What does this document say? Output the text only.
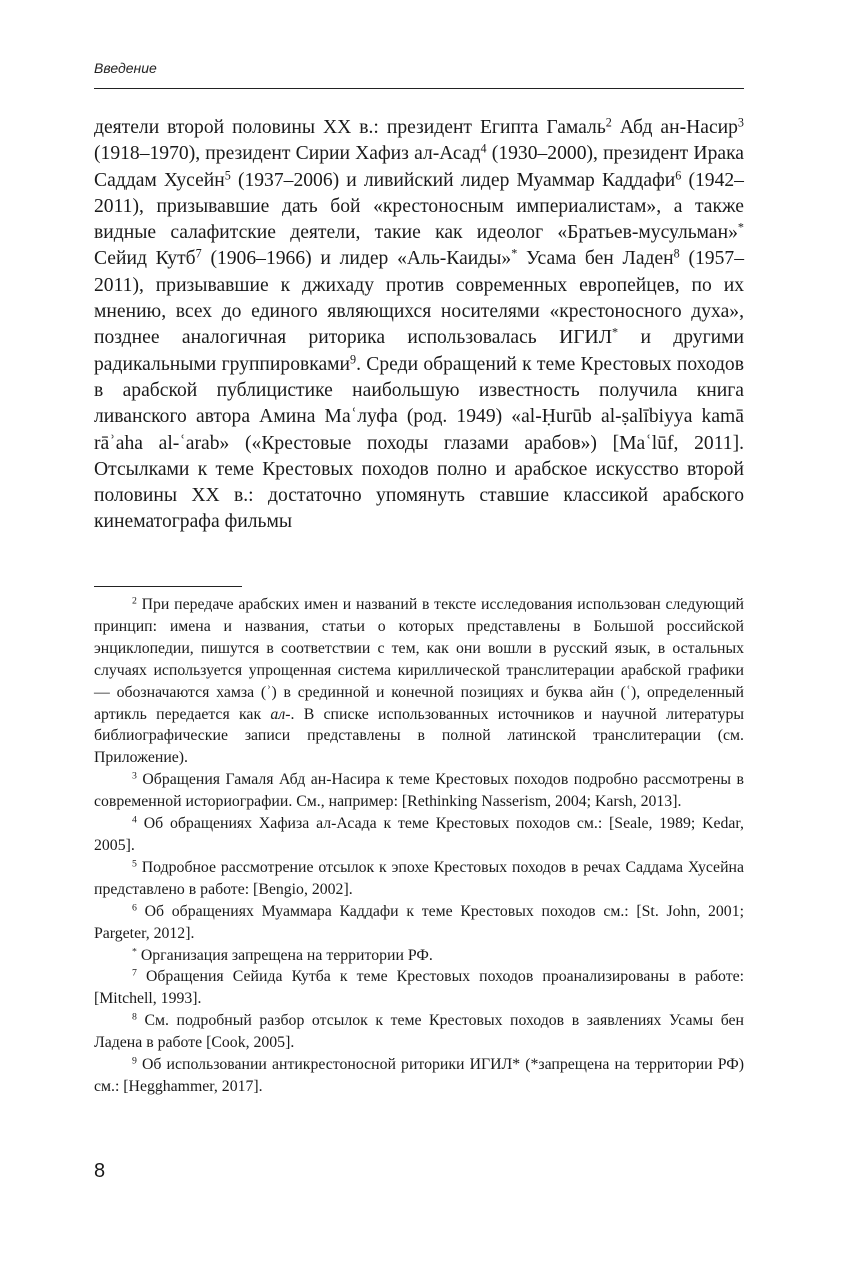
Введение

деятели второй половины XX в.: президент Египта Гамаль$^2$ Абд ан-Насир$^3$ (1918–1970), президент Сирии Хафиз ал-Асад$^4$ (1930–2000), президент Ирака Саддам Хусейн$^5$ (1937–2006) и ливийский лидер Муаммар Каддафи$^6$ (1942–2011), призывавшие дать бой «крестоносным империалистам», а также видные салафитские деятели, такие как идеолог «Братьев-мусульман»* Сейид Кутб$^7$ (1906–1966) и лидер «Аль-Каиды»* Усама бен Ладен$^8$ (1957–2011), призывавшие к джихаду против современных европейцев, по их мнению, всех до единого являющихся носителями «крестоносного духа», позднее аналогичная риторика использовалась ИГИЛ* и другими радикальными группировками$^9$. Среди обращений к теме Крестовых походов в арабской публицистике наибольшую известность получила книга ливанского автора Амина Маʿлуфа (род. 1949) «al-Ḥurūb al-ṣalībiyya kamā rāʾaha al-ʿarab» («Крестовые походы глазами арабов») [Maʿlūf, 2011]. Отсылками к теме Крестовых походов полно и арабское искусство второй половины XX в.: достаточно упомянуть ставшие классикой арабского кинематографа фильмы

$^2$ При передаче арабских имен и названий в тексте исследования использован следующий принцип: имена и названия, статьи о которых представлены в Большой российской энциклопедии, пишутся в соответствии с тем, как они вошли в русский язык, в остальных случаях используется упрощенная система кириллической транслитерации арабской графики — обозначаются хамза (ʾ) в срединной и конечной позициях и буква айн (ʿ), определенный артикль передается как ал-. В списке использованных источников и научной литературы библиографические записи представлены в полной латинской транслитерации (см. Приложение).

$^3$ Обращения Гамаля Абд ан-Насира к теме Крестовых походов подробно рассмотрены в современной историографии. См., например: [Rethinking Nasserism, 2004; Karsh, 2013].

$^4$ Об обращениях Хафиза ал-Асада к теме Крестовых походов см.: [Seale, 1989; Kedar, 2005].

$^5$ Подробное рассмотрение отсылок к эпохе Крестовых походов в речах Саддама Хусейна представлено в работе: [Bengio, 2002].

$^6$ Об обращениях Муаммара Каддафи к теме Крестовых походов см.: [St. John, 2001; Pargeter, 2012].

* Организация запрещена на территории РФ.

$^7$ Обращения Сейида Кутба к теме Крестовых походов проанализированы в работе: [Mitchell, 1993].

$^8$ См. подробный разбор отсылок к теме Крестовых походов в заявлениях Усамы бен Ладена в работе [Cook, 2005].

$^9$ Об использовании антикрестоносной риторики ИГИЛ* (*запрещена на территории РФ) см.: [Hegghammer, 2017].

8
